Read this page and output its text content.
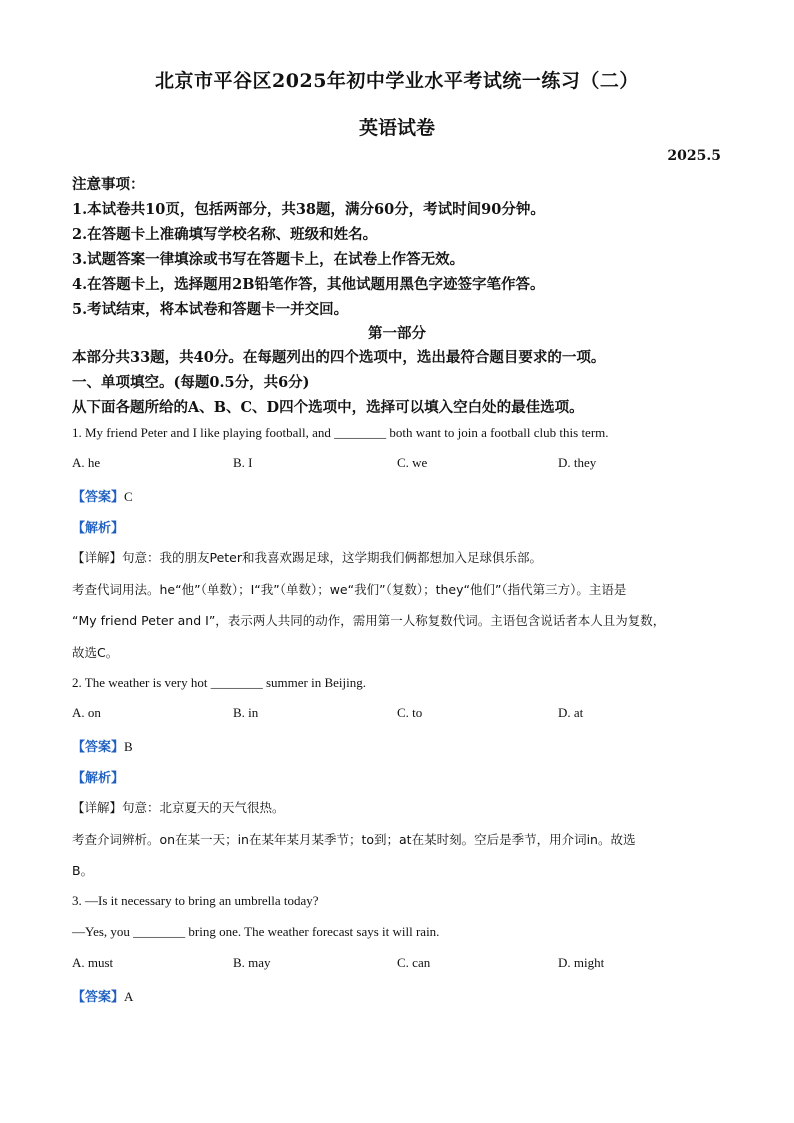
北京市平谷区2025年初中学业水平考试统一练习（二）
英语试卷
2025.5
注意事项：
1.本试卷共10页，包括两部分，共38题，满分60分，考试时间90分钟。
2.在答题卡上准确填写学校名称、班级和姓名。
3.试题答案一律填涂或书写在答题卡上，在试卷上作答无效。
4.在答题卡上，选择题用2B铅笔作答，其他试题用黑色字迹签字笔作答。
5.考试结束，将本试卷和答题卡一并交回。
第一部分
本部分共33题，共40分。在每题列出的四个选项中，选出最符合题目要求的一项。
一、单项填空。(每题0.5分，共6分)
从下面各题所给的A、B、C、D四个选项中，选择可以填入空白处的最佳选项。
1. My friend Peter and I like playing football, and ________ both want to join a football club this term.
A. he	B. I	C. we	D. they
【答案】C
【解析】
【详解】句意：我的朋友Peter和我喜欢踢足球，这学期我们俩都想加入足球俱乐部。
考查代词用法。he“他”（单数）；I“我”（单数）；we“我们”（复数）；they“他们”（指代第三方）。主语是
“My friend Peter and I”，表示两人共同的动作，需用第一人称复数代词。主语包含说话者本人且为复数，
故选C。
2. The weather is very hot ________ summer in Beijing.
A. on	B. in	C. to	D. at
【答案】B
【解析】
【详解】句意：北京夏天的天气很热。
考查介词辨析。on在某一天；in在某年某月某季节；to到；at在某时刻。空后是季节，用介词in。故选
B。
3. —Is it necessary to bring an umbrella today?
—Yes, you ________ bring one. The weather forecast says it will rain.
A. must	B. may	C. can	D. might
【答案】A
